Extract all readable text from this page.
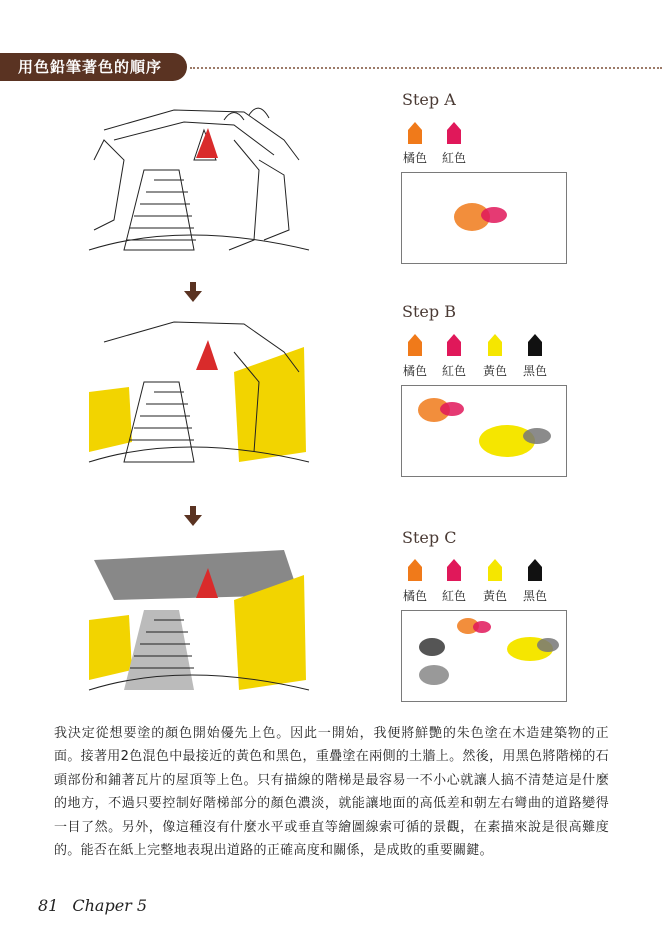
用色鉛筆著色的順序
Step A
橘色	紅色
Step B
橘色	紅色	黃色	黑色
Step C
橘色	紅色	黃色	黑色
我決定從想要塗的顏色開始優先上色。因此一開始，我便將鮮艷的朱色塗在木造建築物的正面。接著用2色混色中最接近的黃色和黑色，重疊塗在兩側的土牆上。然後，用黑色將階梯的石頭部份和鋪著瓦片的屋頂等上色。只有描線的階梯是最容易一不小心就讓人搞不清楚這是什麼的地方，不過只要控制好階梯部分的顏色濃淡，就能讓地面的高低差和朝左右彎曲的道路變得一目了然。另外，像這種沒有什麼水平或垂直等繪圖線索可循的景觀，在素描來說是很高難度的。能否在紙上完整地表現出道路的正確高度和關係，是成敗的重要關鍵。
81 Chaper 5
